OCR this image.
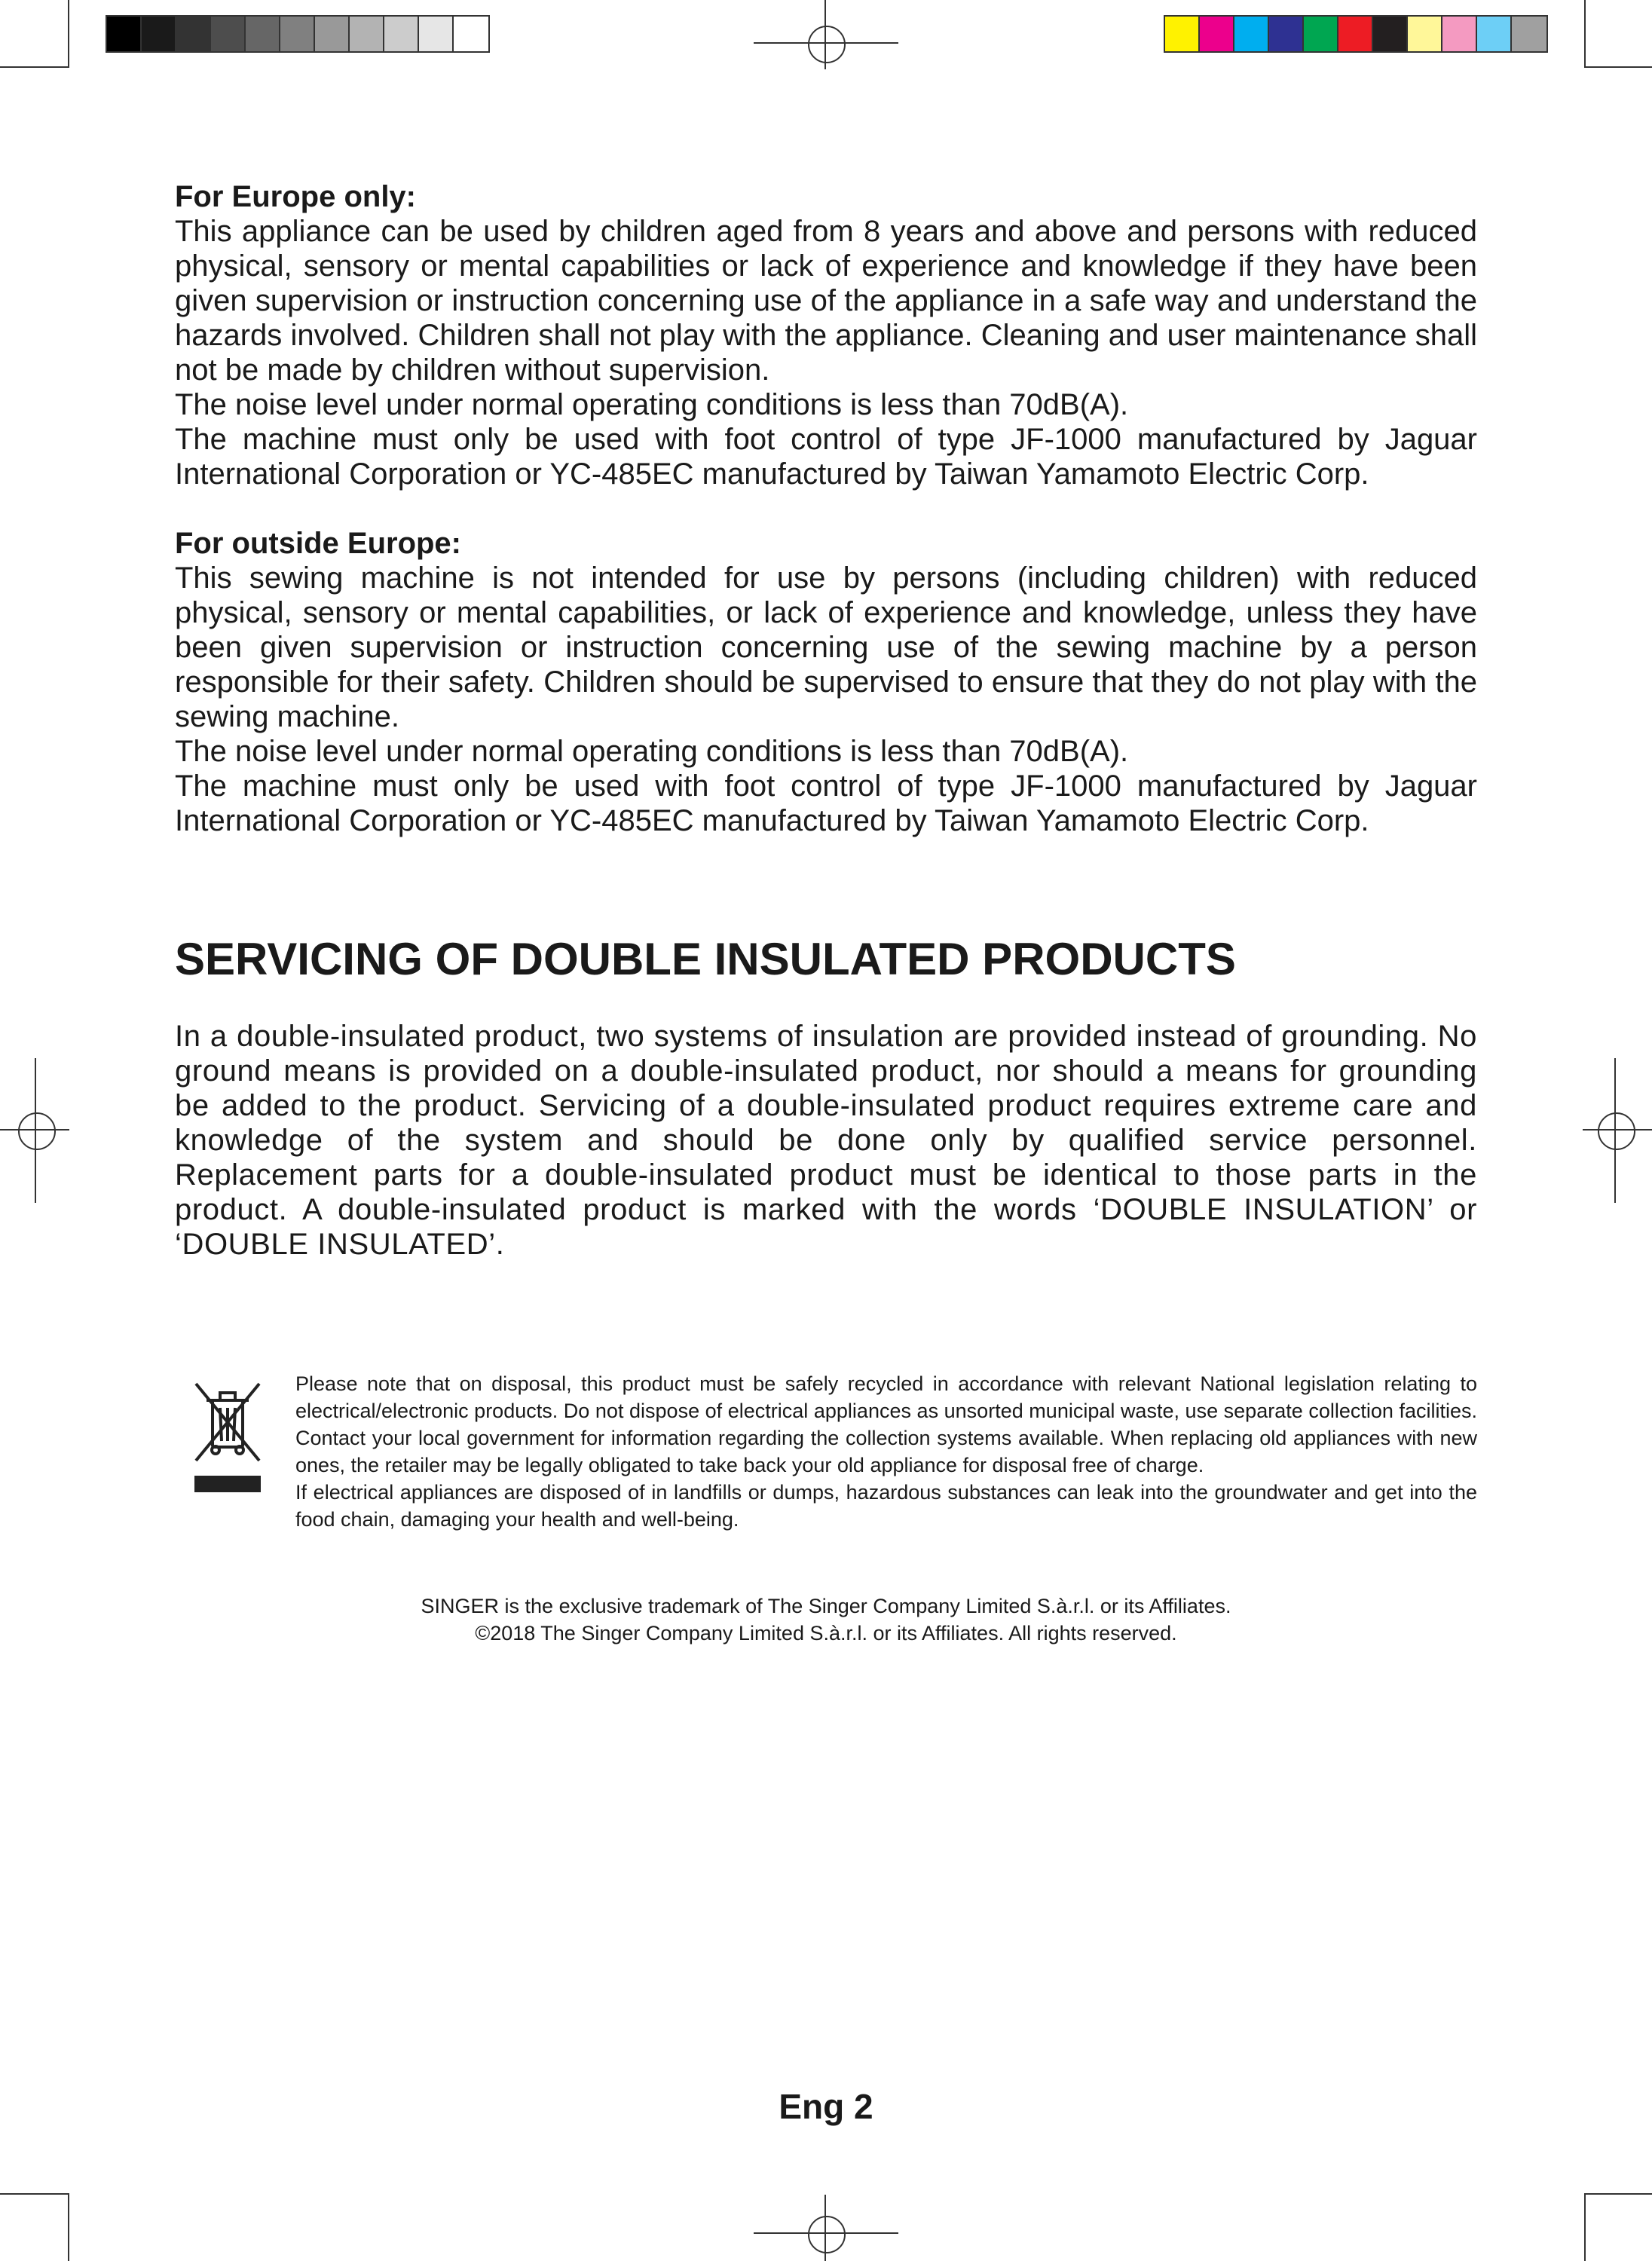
For Europe only:

This appliance can be used by children aged from 8 years and above and persons with reduced physical, sensory or mental capabilities or lack of experience and knowledge if they have been given supervision or instruction concerning use of the appliance in a safe way and understand the hazards involved. Children shall not play with the appliance. Cleaning and user maintenance shall not be made by children without supervision.

The noise level under normal operating conditions is less than 70dB(A).

The machine must only be used with foot control of type JF-1000 manufactured by Jaguar International Corporation or YC-485EC manufactured by Taiwan Yamamoto Electric Corp.

For outside Europe:

This sewing machine is not intended for use by persons (including children) with reduced physical, sensory or mental capabilities, or lack of experience and knowledge, unless they have been given supervision or instruction concerning use of the sewing machine by a person responsible for their safety. Children should be supervised to ensure that they do not play with the sewing machine.

The noise level under normal operating conditions is less than 70dB(A).

The machine must only be used with foot control of type JF-1000 manufactured by Jaguar International Corporation or YC-485EC manufactured by Taiwan Yamamoto Electric Corp.

SERVICING OF DOUBLE INSULATED PRODUCTS

In a double-insulated product, two systems of insulation are provided instead of grounding. No ground means is provided on a double-insulated product, nor should a means for grounding be added to the product. Servicing of a double-insulated product requires extreme care and knowledge of the system and should be done only by qualified service personnel. Replacement parts for a double-insulated product must be identical to those parts in the product. A double-insulated product is marked with the words ‘DOUBLE INSULATION’ or ‘DOUBLE INSULATED’.

Please note that on disposal, this product must be safely recycled in accordance with relevant National legislation relating to electrical/electronic products. Do not dispose of electrical appliances as unsorted municipal waste, use separate collection facilities. Contact your local government for information regarding the collection systems available. When replacing old appliances with new ones, the retailer may be legally obligated to take back your old appliance for disposal free of charge.

If electrical appliances are disposed of in landfills or dumps, hazardous substances can leak into the groundwater and get into the food chain, damaging your health and well-being.

SINGER is the exclusive trademark of The Singer Company Limited S.à.r.l. or its Affiliates.

©2018 The Singer Company Limited S.à.r.l. or its Affiliates. All rights reserved.

Eng 2
